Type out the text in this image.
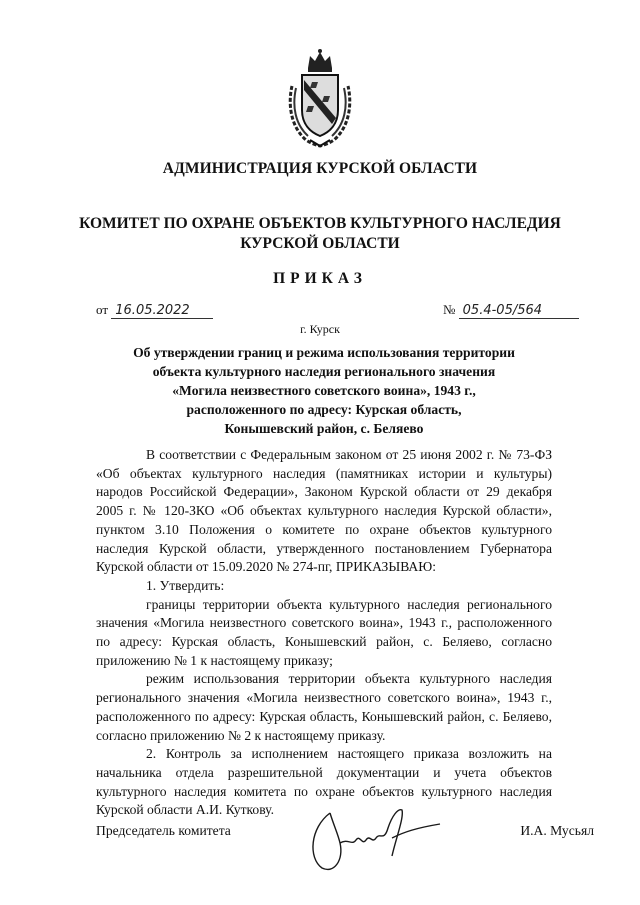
АДМИНИСТРАЦИЯ КУРСКОЙ ОБЛАСТИ
КОМИТЕТ ПО ОХРАНЕ ОБЪЕКТОВ КУЛЬТУРНОГО НАСЛЕДИЯ
КУРСКОЙ ОБЛАСТИ
ПРИКАЗ
от 16.05.2022	№ 05.4-05/564
г. Курск
Об утверждении границ и режима использования территории
объекта культурного наследия регионального значения
«Могила неизвестного советского воина», 1943 г.,
расположенного по адресу: Курская область,
Конышевский район, с. Беляево

В соответствии с Федеральным законом от 25 июня 2002 г. № 73-ФЗ «Об объектах культурного наследия (памятниках истории и культуры) народов Российской Федерации», Законом Курской области от 29 декабря 2005 г. № 120-ЗКО «Об объектах культурного наследия Курской области», пунктом 3.10 Положения о комитете по охране объектов культурного наследия Курской области, утвержденного постановлением Губернатора Курской области от 15.09.2020 № 274-пг, ПРИКАЗЫВАЮ:

1. Утвердить:

границы территории объекта культурного наследия регионального значения «Могила неизвестного советского воина», 1943 г., расположенного по адресу: Курская область, Конышевский район, с. Беляево, согласно приложению № 1 к настоящему приказу;

режим использования территории объекта культурного наследия регионального значения «Могила неизвестного советского воина», 1943 г., расположенного по адресу: Курская область, Конышевский район, с. Беляево, согласно приложению № 2 к настоящему приказу.

2. Контроль за исполнением настоящего приказа возложить на начальника отдела разрешительной документации и учета объектов культурного наследия комитета по охране объектов культурного наследия Курской области А.И. Куткову.

Председатель комитета	И.А. Мусьял
